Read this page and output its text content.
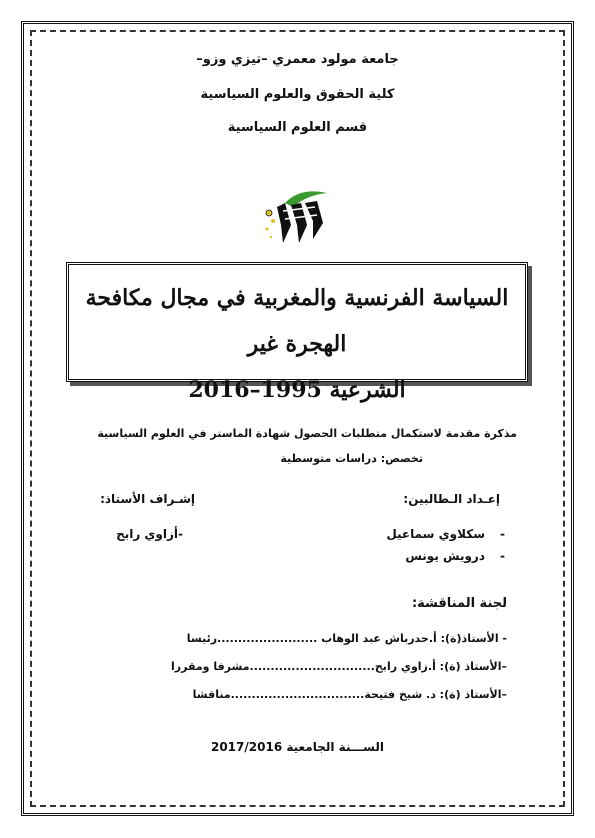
جامعة مولود معمري –تيزي وزو–
كلية الحقوق والعلوم السياسية
قسم العلوم السياسية
السياسة الفرنسية والمغربية في مجال مكافحة الهجرة غير
الشرعية 1995–2016
مذكرة مقدمة لاستكمال متطلبات الحصول شهادة الماستر في العلوم السياسية
تخصص: دراسات متوسطية
إعـداد الـطالبين:
إشـراف الأستاذ:
-
سكلاوي سماعيل
-
درويش يونس
-أزاوي رابح
لجنة المناقشة:
- الأستاذ(ة): أ.حدرباش عبد الوهاب ........................رئيسا
–الأستاذ (ة): أ.زاوي رابح..............................مشرفا ومقررا
–الأستاذ (ة): د. شيخ فتيحة................................مناقشا
الســـنة الجامعية 2017/2016
